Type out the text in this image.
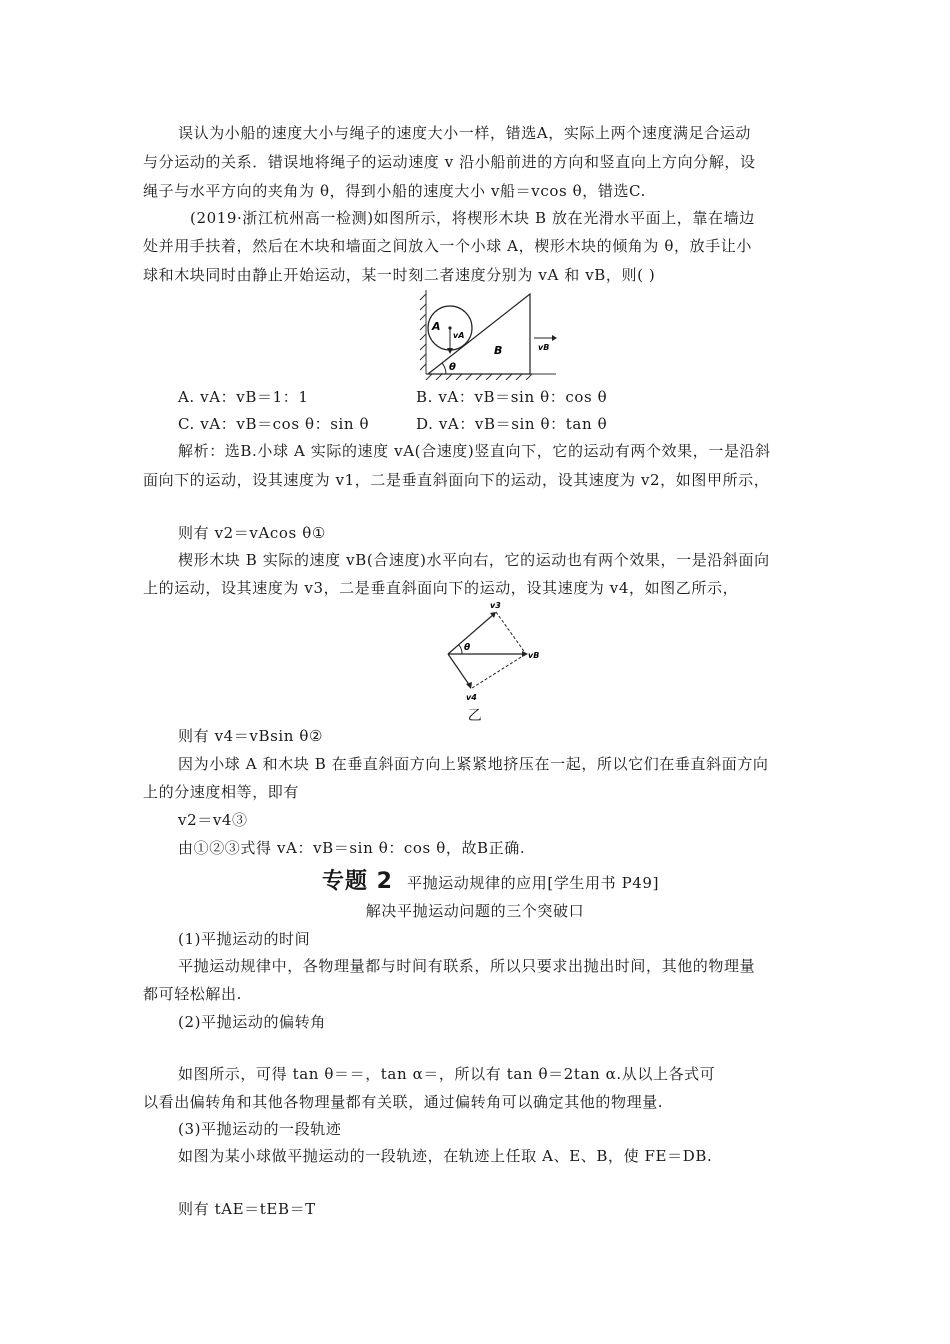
误认为小船的速度大小与绳子的速度大小一样，错选A，实际上两个速度满足合运动
与分运动的关系．错误地将绳子的运动速度 v 沿小船前进的方向和竖直向上方向分解，设
绳子与水平方向的夹角为 θ，得到小船的速度大小 v船＝vcos θ，错选C.
(2019·浙江杭州高一检测)如图所示，将楔形木块 B 放在光滑水平面上，靠在墙边
处并用手扶着，然后在木块和墙面之间放入一个小球 A，楔形木块的倾角为 θ，放手让小
球和木块同时由静止开始运动，某一时刻二者速度分别为 vA 和 vB，则( )
A
vA
B	vB
θ
A. vA：vB＝1：1	B. vA：vB＝sin θ：cos θ
C. vA：vB＝cos θ：sin θ	D. vA：vB＝sin θ：tan θ
解析：选B.小球 A 实际的速度 vA(合速度)竖直向下，它的运动有两个效果，一是沿斜
面向下的运动，设其速度为 v1，二是垂直斜面向下的运动，设其速度为 v2，如图甲所示，
则有 v2＝vAcos θ①
楔形木块 B 实际的速度 vB(合速度)水平向右，它的运动也有两个效果，一是沿斜面向
上的运动，设其速度为 v3，二是垂直斜面向下的运动，设其速度为 v4，如图乙所示，
v3
vB
v4
θ
乙
则有 v4＝vBsin θ②
因为小球 A 和木块 B 在垂直斜面方向上紧紧地挤压在一起，所以它们在垂直斜面方向
上的分速度相等，即有
v2＝v4③
由①②③式得 vA：vB＝sin θ：cos θ，故B正确.
专题 2 平抛运动规律的应用[学生用书 P49]
解决平抛运动问题的三个突破口
(1)平抛运动的时间
平抛运动规律中，各物理量都与时间有联系，所以只要求出抛出时间，其他的物理量
都可轻松解出.
(2)平抛运动的偏转角
如图所示，可得 tan θ＝＝，tan α＝，所以有 tan θ＝2tan α.从以上各式可
以看出偏转角和其他各物理量都有关联，通过偏转角可以确定其他的物理量.
(3)平抛运动的一段轨迹
如图为某小球做平抛运动的一段轨迹，在轨迹上任取 A、E、B，使 FE＝DB.
则有 tAE＝tEB＝T
